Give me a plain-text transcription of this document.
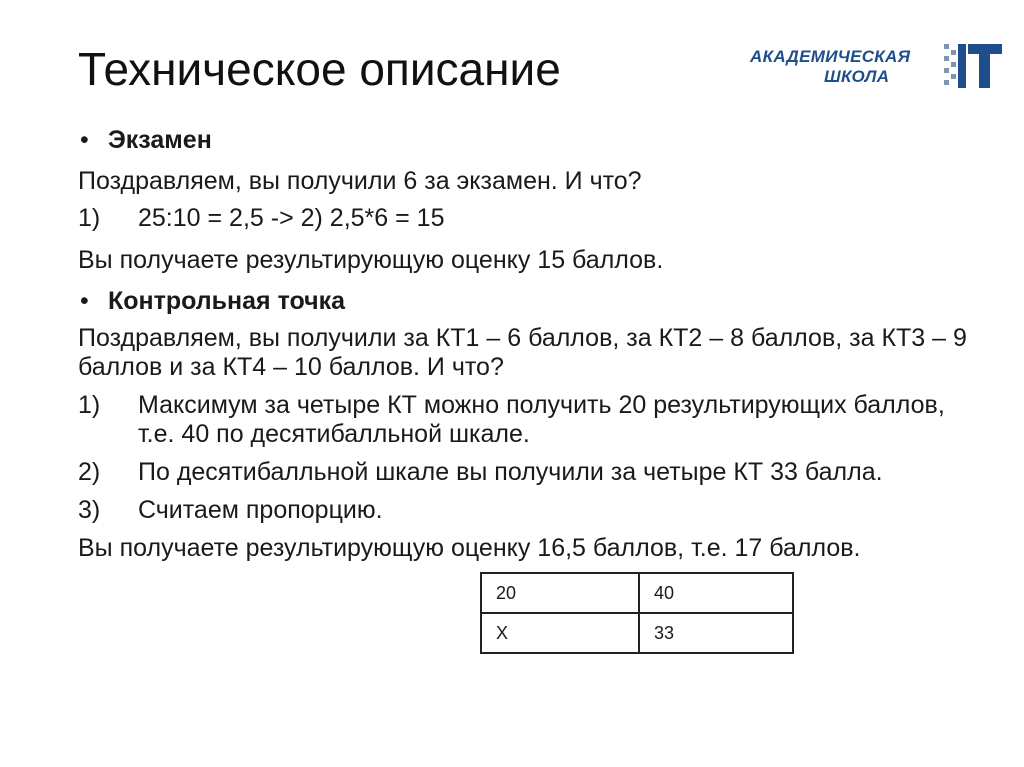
Техническое описание	АКАДЕМИЧЕСКАЯ
ШКОЛА

• Экзамен

Поздравляем, вы получили 6 за экзамен. И что?

1) 25:10 = 2,5 -> 2) 2,5*6 = 15

Вы получаете результирующую оценку 15 баллов.

• Контрольная точка

Поздравляем, вы получили за КТ1 – 6 баллов, за КТ2 – 8 баллов, за КТ3 – 9 баллов и за КТ4 – 10 баллов. И что?

1) Максимум за четыре КТ можно получить 20 результирующих баллов, т.е. 40 по десятибалльной шкале.

2) По десятибалльной шкале вы получили за четыре КТ 33 балла.

3) Считаем пропорцию.

Вы получаете результирующую оценку 16,5 баллов, т.е. 17 баллов.

20	40
X	33
